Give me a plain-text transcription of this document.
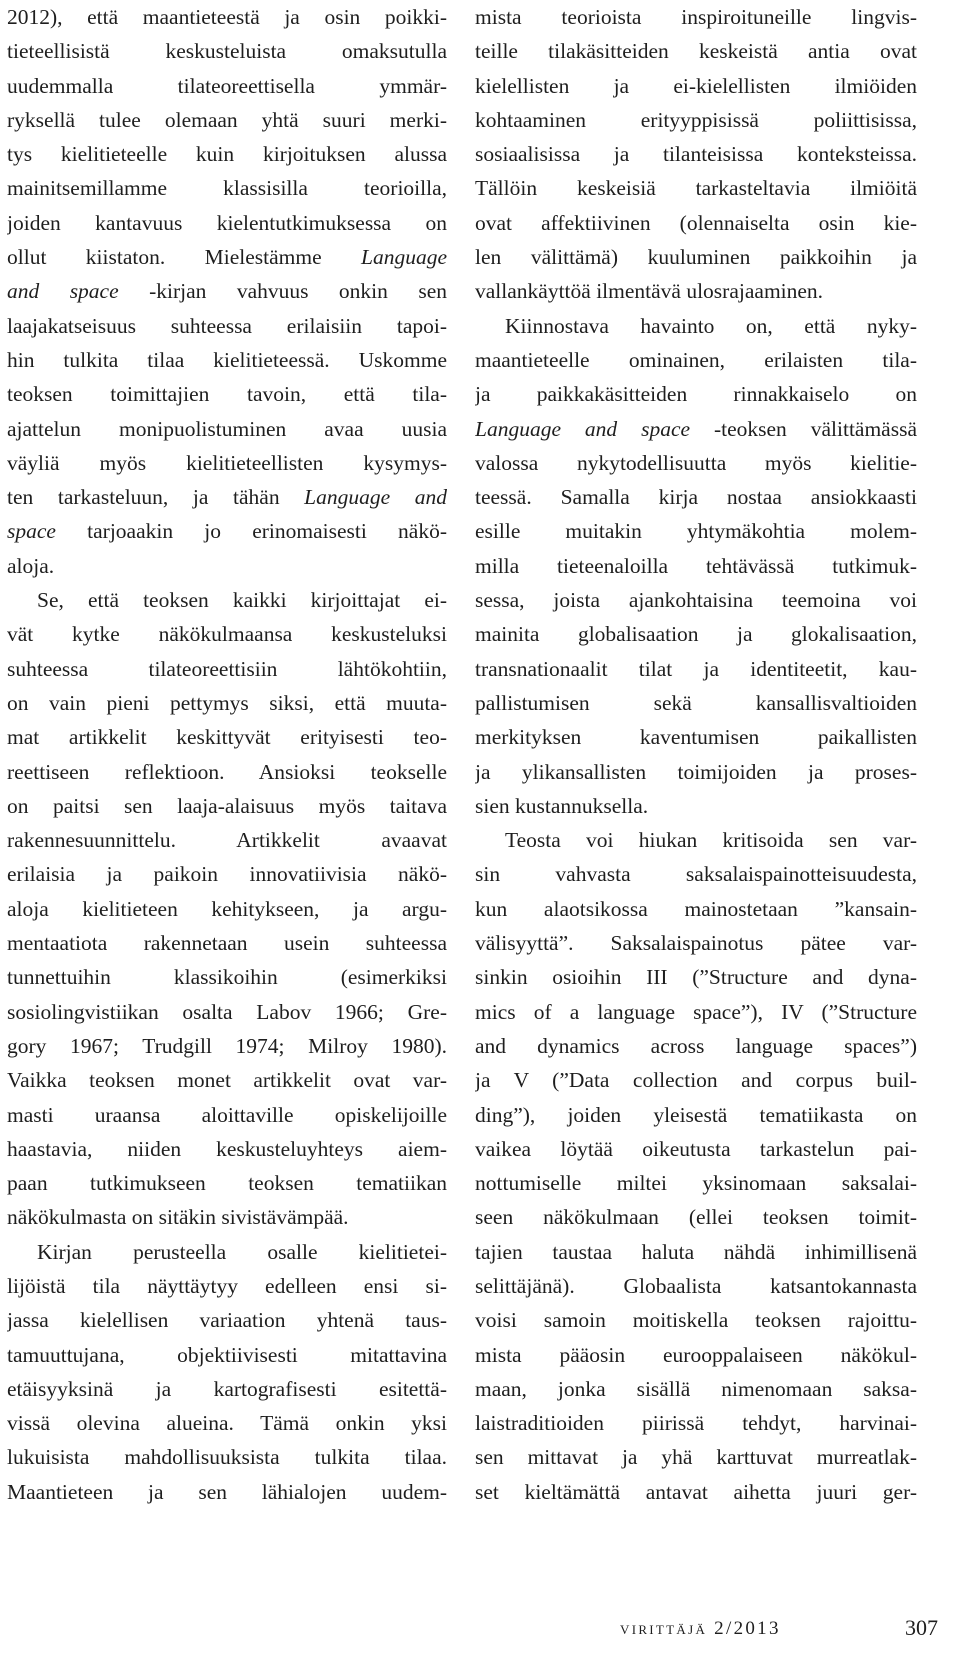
2012), että maantieteestä ja osin poikki-
tieteellisistä keskusteluista omaksutulla
uudemmalla tilateoreettisella ymmär-
ryksellä tulee olemaan yhtä suuri merki-
tys kielitieteelle kuin kirjoituksen alussa
mainitsemillamme klassisilla teorioilla,
joiden kantavuus kielentutkimuksessa on
ollut kiistaton. Mielestämme Language
and space -kirjan vahvuus onkin sen
laajakatseisuus suhteessa erilaisiin tapoi-
hin tulkita tilaa kielitieteessä. Uskomme
teoksen toimittajien tavoin, että tila-
ajattelun monipuolistuminen avaa uusia
väyliä myös kielitieteellisten kysymys-
ten tarkasteluun, ja tähän Language and
space tarjoaakin jo erinomaisesti näkö-
aloja.
Se, että teoksen kaikki kirjoittajat ei-
vät kytke näkökulmaansa keskusteluksi
suhteessa tilateoreettisiin lähtökohtiin,
on vain pieni pettymys siksi, että muuta-
mat artikkelit keskittyvät erityisesti teo-
reettiseen reflektioon. Ansioksi teokselle
on paitsi sen laaja-alaisuus myös taitava
rakennesuunnittelu. Artikkelit avaavat
erilaisia ja paikoin innovatiivisia näkö-
aloja kielitieteen kehitykseen, ja argu-
mentaatiota rakennetaan usein suhteessa
tunnettuihin klassikoihin (esimerkiksi
sosiolingvistiikan osalta Labov 1966; Gre-
gory 1967; Trudgill 1974; Milroy 1980).
Vaikka teoksen monet artikkelit ovat var-
masti uraansa aloittaville opiskelijoille
haastavia, niiden keskusteluyhteys aiem-
paan tutkimukseen teoksen tematiikan
näkökulmasta on sitäkin sivistävämpää.
Kirjan perusteella osalle kielitietei-
lijöistä tila näyttäytyy edelleen ensi si-
jassa kielellisen variaation yhtenä taus-
tamuuttujana, objektiivisesti mitattavina
etäisyyksinä ja kartografisesti esitettä-
vissä olevina alueina. Tämä onkin yksi
lukuisista mahdollisuuksista tulkita tilaa.
Maantieteen ja sen lähialojen uudem-
mista teorioista inspiroituneille lingvis-
teille tilakäsitteiden keskeistä antia ovat
kielellisten ja ei-kielellisten ilmiöiden
kohtaaminen erityyppisissä poliittisissa,
sosiaalisissa ja tilanteisissa konteksteissa.
Tällöin keskeisiä tarkasteltavia ilmiöitä
ovat affektiivinen (olennaiselta osin kie-
len välittämä) kuuluminen paikkoihin ja
vallankäyttöä ilmentävä ulosrajaaminen.
Kiinnostava havainto on, että nyky-
maantieteelle ominainen, erilaisten tila-
ja paikkakäsitteiden rinnakkaiselo on
Language and space -teoksen välittämässä
valossa nykytodellisuutta myös kielitie-
teessä. Samalla kirja nostaa ansiokkaasti
esille muitakin yhtymäkohtia molem-
milla tieteenaloilla tehtävässä tutkimuk-
sessa, joista ajankohtaisina teemoina voi
mainita globalisaation ja glokalisaation,
transnationaalit tilat ja identiteetit, kau-
pallistumisen sekä kansallisvaltioiden
merkityksen kaventumisen paikallisten
ja ylikansallisten toimijoiden ja proses-
sien kustannuksella.
Teosta voi hiukan kritisoida sen var-
sin vahvasta saksalaispainotteisuudesta,
kun alaotsikossa mainostetaan ”kansain-
välisyyttä”. Saksalaispainotus pätee var-
sinkin osioihin III (”Structure and dyna-
mics of a language space”), IV (”Structure
and dynamics across language spaces”)
ja V (”Data collection and corpus buil-
ding”), joiden yleisestä tematiikasta on
vaikea löytää oikeutusta tarkastelun pai-
nottumiselle miltei yksinomaan saksalai-
seen näkökulmaan (ellei teoksen toimit-
tajien taustaa haluta nähdä inhimillisenä
selittäjänä). Globaalista katsantokannasta
voisi samoin moitiskella teoksen rajoittu-
mista pääosin eurooppalaiseen näkökul-
maan, jonka sisällä nimenomaan saksa-
laistraditioiden piirissä tehdyt, harvinai-
sen mittavat ja yhä karttuvat murreatlak-
set kieltämättä antavat aihetta juuri ger-
virittäjä 2/2013	307
